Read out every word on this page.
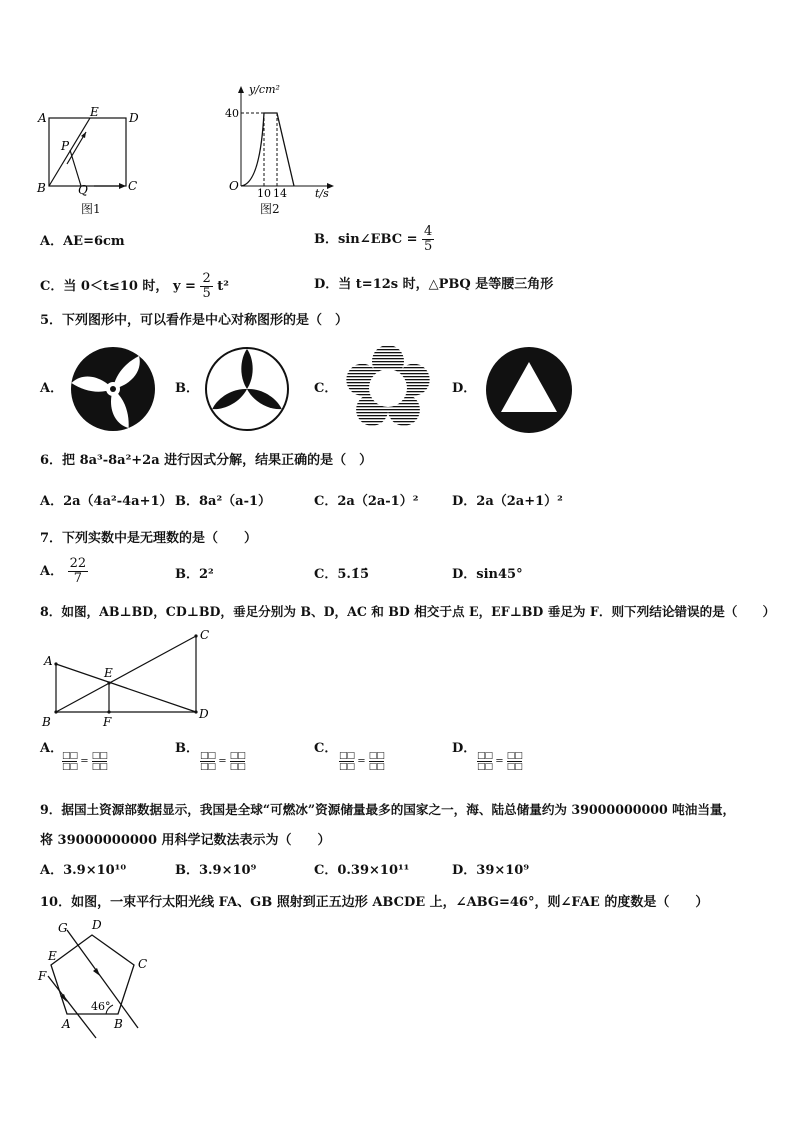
A	E	D
P
B	Q	C
图1
y/cm²
t/s
O
40
10 14
图2
A．AE=6cm	B．sin∠EBC = $\frac{4}{5}$
C．当 0＜t≤10 时， $y = \frac{2}{5} t^2$	D．当 t=12s 时，△PBQ 是等腰三角形
5．下列图形中，可以看作是中心对称图形的是（　）
A．	B．	C．	D．
6．把 8a³-8a²+2a 进行因式分解，结果正确的是（　）
A．2a（4a²-4a+1） B．8a²（a-1）	C．2a（2a-1）²	D．2a（2a+1）²
7．下列实数中是无理数的是（　　）
A． $\frac{22}{7}$	B．2²	C．5.1̇5̇	D．sin45°
8．如图，AB⊥BD，CD⊥BD，垂足分别为 B、D，AC 和 BD 相交于点 E，EF⊥BD 垂足为 F．则下列结论错误的是（　　）
A
B
C
D
E
F
A．	B．	C．	D．
$\frac{□□}{□□} = \frac{□□}{□□}$	$\frac{□□}{□□} = \frac{□□}{□□}$	$\frac{□□}{□□} = \frac{□□}{□□}$	$\frac{□□}{□□} = \frac{□□}{□□}$
9．据国土资源部数据显示，我国是全球“可燃冰”资源储量最多的国家之一，海、陆总储量约为 39000000000 吨油当量，
将 39000000000 用科学记数法表示为（　　）
A．3.9×10¹⁰	B．3.9×10⁹	C．0.39×10¹¹	D．39×10⁹
10．如图，一束平行太阳光线 FA、GB 照射到正五边形 ABCDE 上，∠ABG=46°，则∠FAE 的度数是（　　）
G D
E
C
F
A	B
46°
